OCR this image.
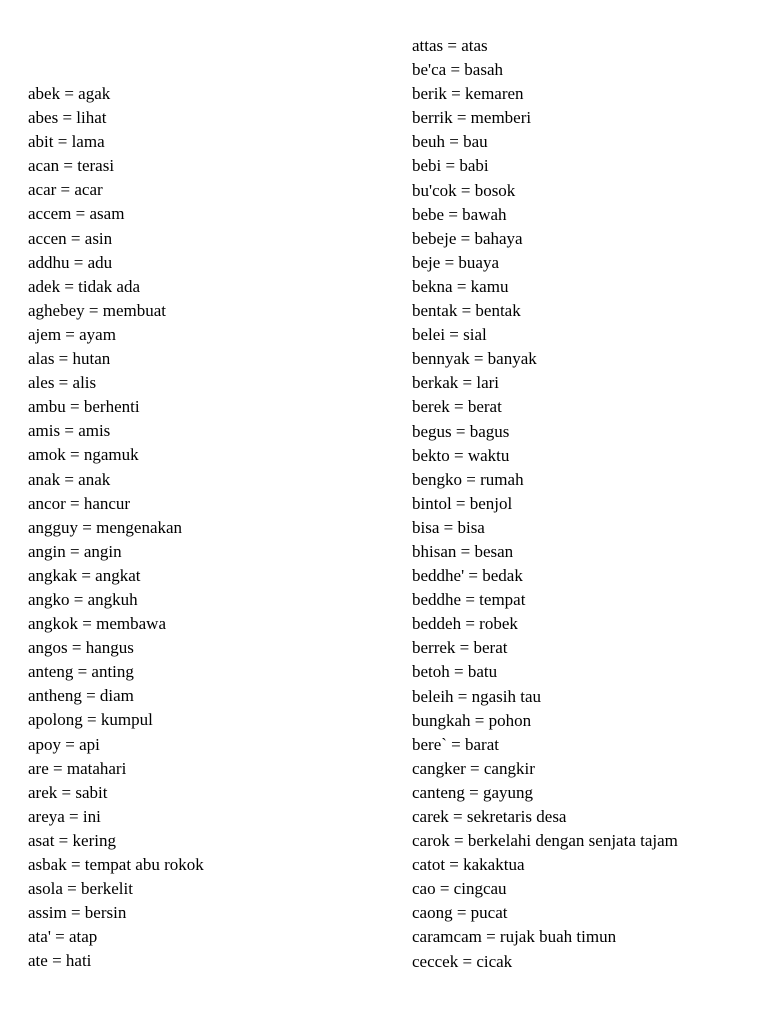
abek = agak
abes = lihat
abit = lama
acan = terasi
acar = acar
accem = asam
accen = asin
addhu = adu
adek = tidak ada
aghebey = membuat
ajem = ayam
alas = hutan
ales = alis
ambu = berhenti
amis = amis
amok = ngamuk
anak = anak
ancor = hancur
angguy = mengenakan
angin = angin
angkak = angkat
angko = angkuh
angkok = membawa
angos = hangus
anteng = anting
antheng = diam
apolong = kumpul
apoy = api
are = matahari
arek = sabit
areya = ini
asat = kering
asbak = tempat abu rokok
asola = berkelit
assim = bersin
ata' = atap
ate = hati
attas = atas
be'ca = basah
berik = kemaren
berrik = memberi
beuh = bau
bebi = babi
bu'cok = bosok
bebe = bawah
bebeje = bahaya
beje = buaya
bekna = kamu
bentak = bentak
belei = sial
bennyak = banyak
berkak = lari
berek = berat
begus = bagus
bekto = waktu
bengko = rumah
bintol = benjol
bisa = bisa
bhisan = besan
beddhe' = bedak
beddhe = tempat
beddeh = robek
berrek = berat
betoh = batu
beleih = ngasih tau
bungkah = pohon
bere` = barat
cangker = cangkir
canteng = gayung
carek = sekretaris desa
carok = berkelahi dengan senjata tajam
catot = kakaktua
cao = cingcau
caong = pucat
caramcam = rujak buah timun
ceccek = cicak
